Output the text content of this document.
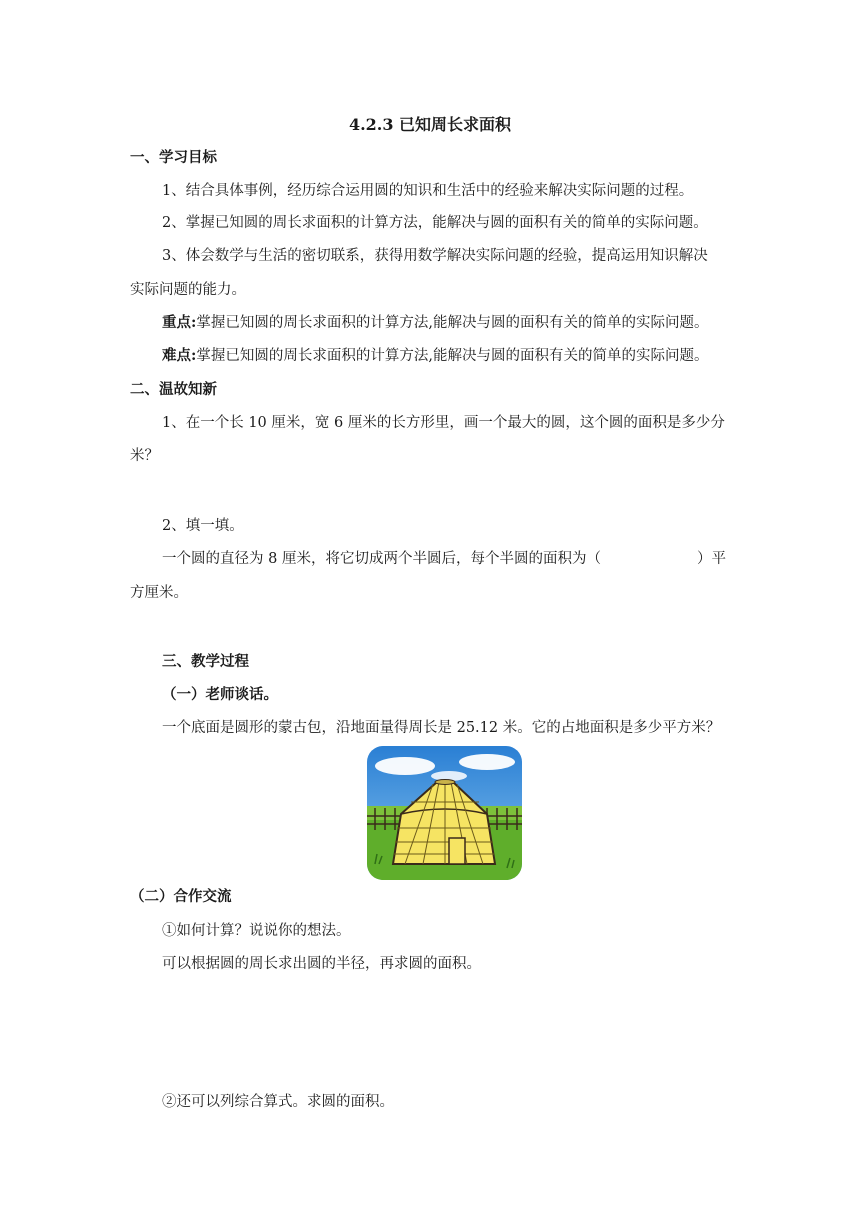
4.2.3 已知周长求面积
一、学习目标
1、结合具体事例，经历综合运用圆的知识和生活中的经验来解决实际问题的过程。
2、掌握已知圆的周长求面积的计算方法，能解决与圆的面积有关的简单的实际问题。
3、体会数学与生活的密切联系，获得用数学解决实际问题的经验，提高运用知识解决
实际问题的能力。
重点:掌握已知圆的周长求面积的计算方法,能解决与圆的面积有关的简单的实际问题。
难点:掌握已知圆的周长求面积的计算方法,能解决与圆的面积有关的简单的实际问题。
二、温故知新
1、在一个长 10 厘米，宽 6 厘米的长方形里，画一个最大的圆，这个圆的面积是多少分
米？
2、填一填。
一个圆的直径为 8 厘米，将它切成两个半圆后，每个半圆的面积为（	）平
方厘米。
三、教学过程
（一）老师谈话。
一个底面是圆形的蒙古包，沿地面量得周长是 25.12 米。它的占地面积是多少平方米？
（二）合作交流
①如何计算？说说你的想法。
可以根据圆的周长求出圆的半径，再求圆的面积。
②还可以列综合算式。求圆的面积。
